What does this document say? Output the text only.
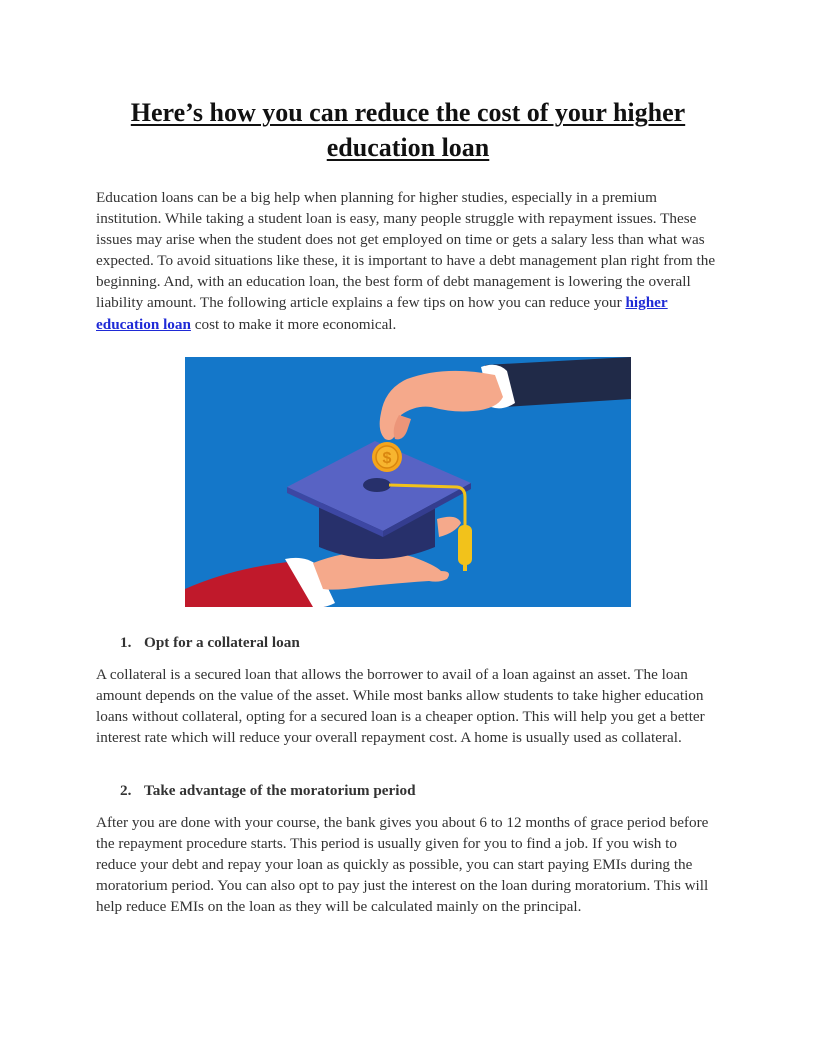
Here’s how you can reduce the cost of your higher education loan

Education loans can be a big help when planning for higher studies, especially in a premium institution. While taking a student loan is easy, many people struggle with repayment issues. These issues may arise when the student does not get employed on time or gets a salary less than what was expected. To avoid situations like these, it is important to have a debt management plan right from the beginning. And, with an education loan, the best form of debt management is lowering the overall liability amount. The following article explains a few tips on how you can reduce your higher education loan cost to make it more economical.

$

1. Opt for a collateral loan

A collateral is a secured loan that allows the borrower to avail of a loan against an asset. The loan amount depends on the value of the asset. While most banks allow students to take higher education loans without collateral, opting for a secured loan is a cheaper option. This will help you get a better interest rate which will reduce your overall repayment cost. A home is usually used as collateral.

2. Take advantage of the moratorium period

After you are done with your course, the bank gives you about 6 to 12 months of grace period before the repayment procedure starts. This period is usually given for you to find a job. If you wish to reduce your debt and repay your loan as quickly as possible, you can start paying EMIs during the moratorium period. You can also opt to pay just the interest on the loan during moratorium. This will help reduce EMIs on the loan as they will be calculated mainly on the principal.
